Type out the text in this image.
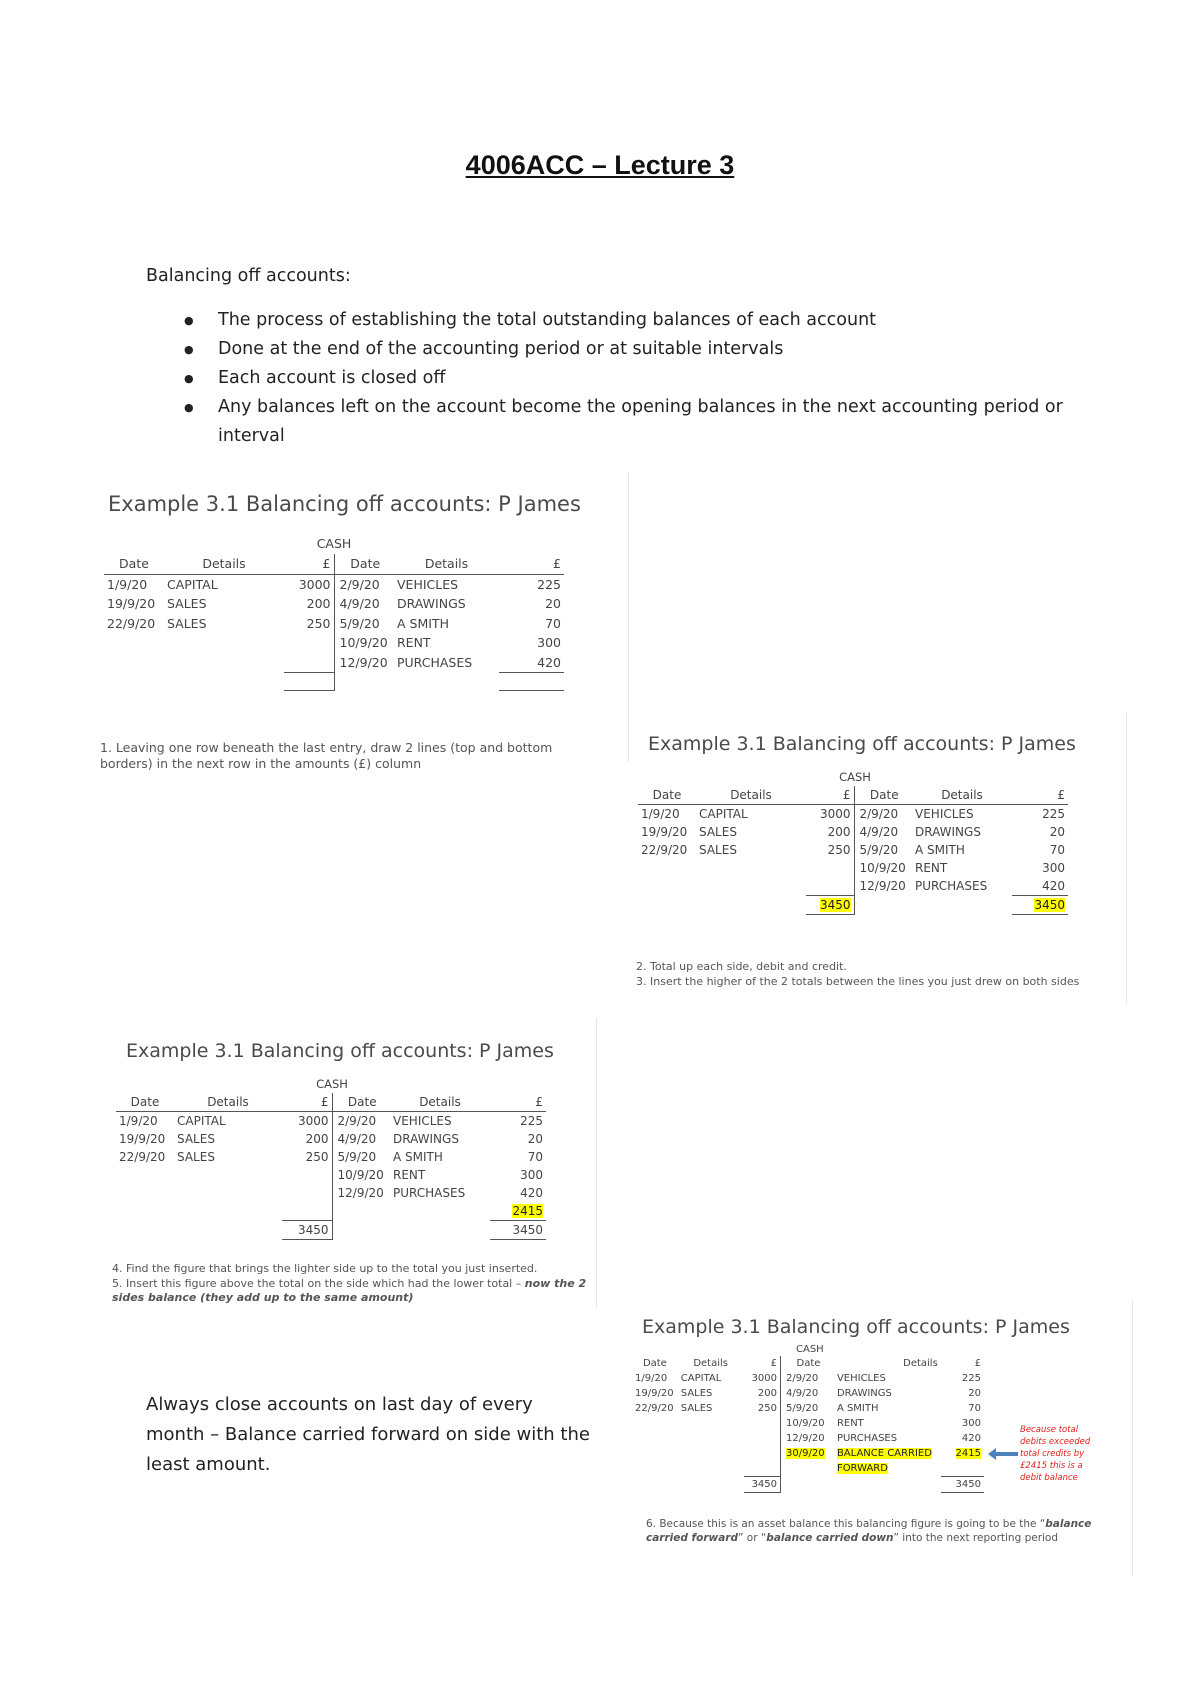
4006ACC – Lecture 3
Balancing off accounts:
● The process of establishing the total outstanding balances of each account
● Done at the end of the accounting period or at suitable intervals
● Each account is closed off
● Any balances left on the account become the opening balances in the next accounting period or interval
Example 3.1 Balancing off accounts: P James
CASH
Date	Details	£	Date	Details	£
1/9/20	CAPITAL	3000	2/9/20	VEHICLES	225
19/9/20	SALES	200	4/9/20	DRAWINGS	20
22/9/20	SALES	250	5/9/20	A SMITH	70
			10/9/20	RENT	300
			12/9/20	PURCHASES	420

1. Leaving one row beneath the last entry, draw 2 lines (top and bottom borders) in the next row in the amounts (£) column
Example 3.1 Balancing off accounts: P James
CASH
Date	Details	£	Date	Details	£
1/9/20	CAPITAL	3000	2/9/20	VEHICLES	225
19/9/20	SALES	200	4/9/20	DRAWINGS	20
22/9/20	SALES	250	5/9/20	A SMITH	70
			10/9/20	RENT	300
			12/9/20	PURCHASES	420

		3450			3450
2. Total up each side, debit and credit.
3. Insert the higher of the 2 totals between the lines you just drew on both sides
Example 3.1 Balancing off accounts: P James
CASH
Date	Details	£	Date	Details	£
1/9/20	CAPITAL	3000	2/9/20	VEHICLES	225
19/9/20	SALES	200	4/9/20	DRAWINGS	20
22/9/20	SALES	250	5/9/20	A SMITH	70
			10/9/20	RENT	300
			12/9/20	PURCHASES	420
					2415
		3450			3450

4. Find the figure that brings the lighter side up to the total you just inserted.
5. Insert this figure above the total on the side which had the lower total – now the 2 sides balance (they add up to the same amount)
Example 3.1 Balancing off accounts: P James
CASH
Date	Details	£	Date	Details	£
1/9/20	CAPITAL	3000	2/9/20	VEHICLES	225
19/9/20	SALES	200	4/9/20	DRAWINGS	20
22/9/20	SALES	250	5/9/20	A SMITH	70
			10/9/20	RENT	300
			12/9/20	PURCHASES	420
			30/9/20	BALANCE CARRIED	2415
				FORWARD	
		3450			3450
Because total debits exceeded total credits by £2415 this is a debit balance
6. Because this is an asset balance this balancing figure is going to be the “balance carried forward” or “balance carried down” into the next reporting period
Always close accounts on last day of every month – Balance carried forward on side with the least amount.
